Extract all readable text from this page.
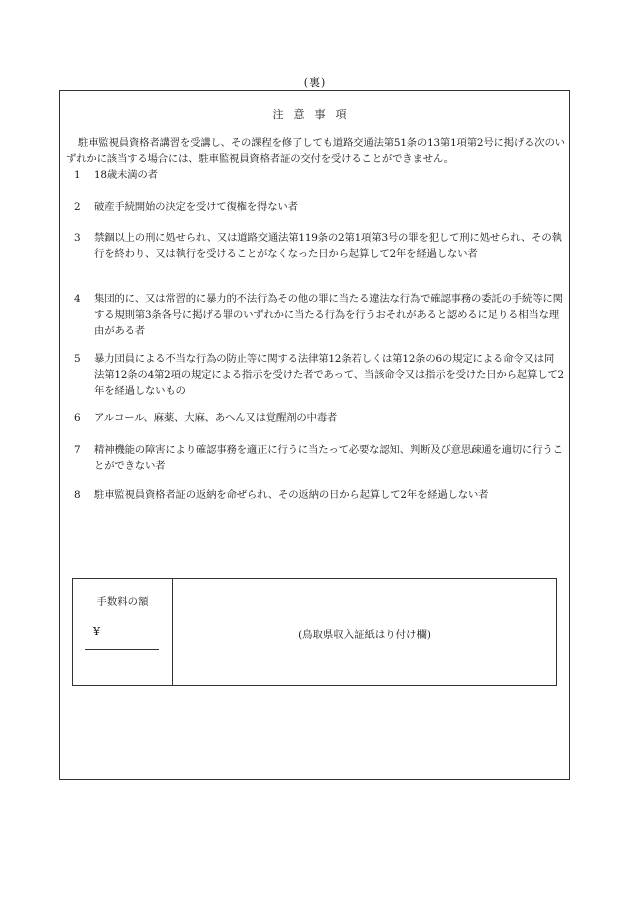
(裏)
注意事項
駐車監視員資格者講習を受講し、その課程を修了しても道路交通法第51条の13第1項第2号に掲げる次のいずれかに該当する場合には、駐車監視員資格者証の交付を受けることができません。
1	18歳未満の者
2	破産手続開始の決定を受けて復権を得ない者
3	禁錮以上の刑に処せられ、又は道路交通法第119条の2第1項第3号の罪を犯して刑に処せられ、その執行を終わり、又は執行を受けることがなくなった日から起算して2年を経過しない者
4	集団的に、又は常習的に暴力的不法行為その他の罪に当たる違法な行為で確認事務の委託の手続等に関する規則第3条各号に掲げる罪のいずれかに当たる行為を行うおそれがあると認めるに足りる相当な理由がある者
5	暴力団員による不当な行為の防止等に関する法律第12条若しくは第12条の6の規定による命令又は同法第12条の4第2項の規定による指示を受けた者であって、当該命令又は指示を受けた日から起算して2年を経過しないもの
6	アルコール、麻薬、大麻、あへん又は覚醒剤の中毒者
7	精神機能の障害により確認事務を適正に行うに当たって必要な認知、判断及び意思疎通を適切に行うことができない者
8	駐車監視員資格者証の返納を命ぜられ、その返納の日から起算して2年を経過しない者
手数料の額
¥	(鳥取県収入証紙はり付け欄)
